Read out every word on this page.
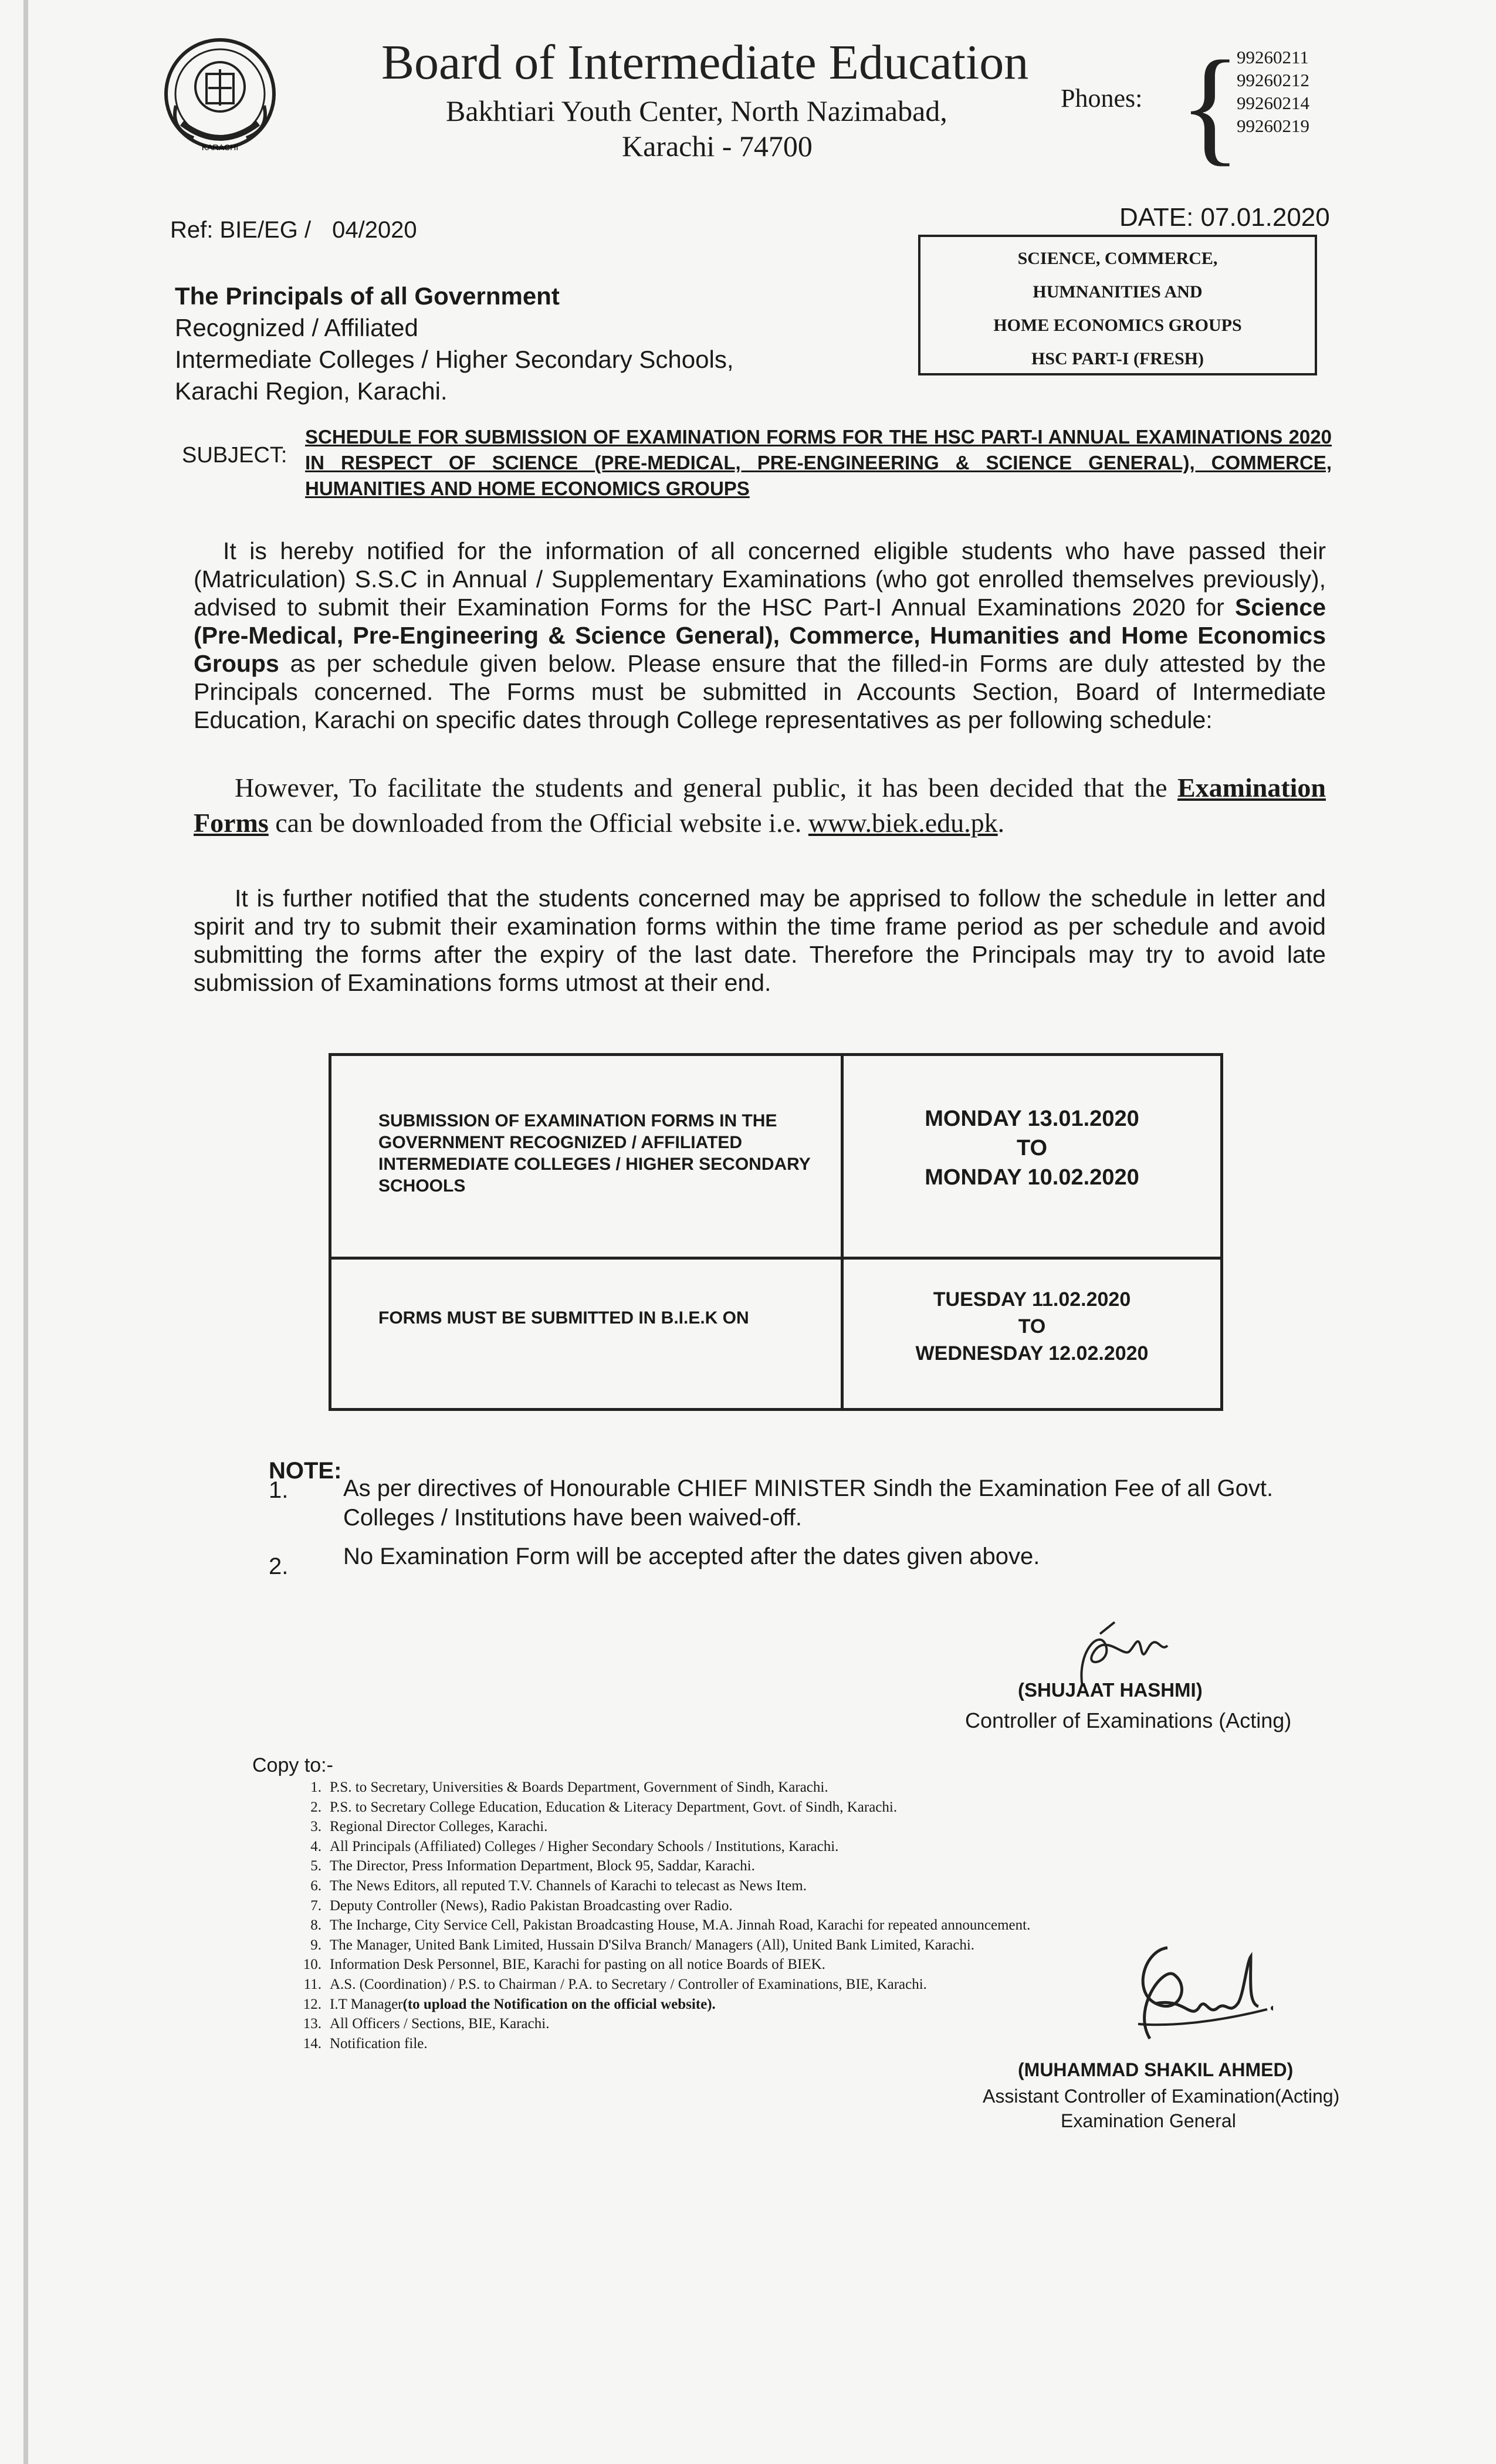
KARACHI
Board of Intermediate Education
Bakhtiari Youth Center, North Nazimabad,
Karachi - 74700
Phones: {
99260211
99260212
99260214
99260219
DATE: 07.01.2020
Ref: BIE/EG / 04/2020
SCIENCE, COMMERCE,
HUMNANITIES AND
HOME ECONOMICS GROUPS
HSC PART-I (FRESH)
The Principals of all Government
Recognized / Affiliated
Intermediate Colleges / Higher Secondary Schools,
Karachi Region, Karachi.
SUBJECT:
SCHEDULE FOR SUBMISSION OF EXAMINATION FORMS FOR THE HSC PART-I ANNUAL EXAMINATIONS 2020 IN RESPECT OF SCIENCE (PRE-MEDICAL, PRE-ENGINEERING & SCIENCE GENERAL), COMMERCE, HUMANITIES AND HOME ECONOMICS GROUPS
It is hereby notified for the information of all concerned eligible students who have passed their (Matriculation) S.S.C in Annual / Supplementary Examinations (who got enrolled themselves previously), advised to submit their Examination Forms for the HSC Part-I Annual Examinations 2020 for Science (Pre-Medical, Pre-Engineering & Science General), Commerce, Humanities and Home Economics Groups as per schedule given below. Please ensure that the filled-in Forms are duly attested by the Principals concerned. The Forms must be submitted in Accounts Section, Board of Intermediate Education, Karachi on specific dates through College representatives as per following schedule:
However, To facilitate the students and general public, it has been decided that the Examination Forms can be downloaded from the Official website i.e. www.biek.edu.pk.
It is further notified that the students concerned may be apprised to follow the schedule in letter and spirit and try to submit their examination forms within the time frame period as per schedule and avoid submitting the forms after the expiry of the last date. Therefore the Principals may try to avoid late submission of Examinations forms utmost at their end.
SUBMISSION OF EXAMINATION FORMS IN THE GOVERNMENT RECOGNIZED / AFFILIATED INTERMEDIATE COLLEGES / HIGHER SECONDARY SCHOOLS
MONDAY 13.01.2020
TO
MONDAY 10.02.2020
FORMS MUST BE SUBMITTED IN B.I.E.K ON
TUESDAY 11.02.2020
TO
WEDNESDAY 12.02.2020
NOTE:
1. As per directives of Honourable CHIEF MINISTER Sindh the Examination Fee of all Govt. Colleges / Institutions have been waived-off.
2. No Examination Form will be accepted after the dates given above.
(SHUJAAT HASHMI)
Controller of Examinations (Acting)
Copy to:-
1. P.S. to Secretary, Universities & Boards Department, Government of Sindh, Karachi.
2. P.S. to Secretary College Education, Education & Literacy Department, Govt. of Sindh, Karachi.
3. Regional Director Colleges, Karachi.
4. All Principals (Affiliated) Colleges / Higher Secondary Schools / Institutions, Karachi.
5. The Director, Press Information Department, Block 95, Saddar, Karachi.
6. The News Editors, all reputed T.V. Channels of Karachi to telecast as News Item.
7. Deputy Controller (News), Radio Pakistan Broadcasting over Radio.
8. The Incharge, City Service Cell, Pakistan Broadcasting House, M.A. Jinnah Road, Karachi for repeated announcement.
9. The Manager, United Bank Limited, Hussain D'Silva Branch/ Managers (All), United Bank Limited, Karachi.
10. Information Desk Personnel, BIE, Karachi for pasting on all notice Boards of BIEK.
11. A.S. (Coordination) / P.S. to Chairman / P.A. to Secretary / Controller of Examinations, BIE, Karachi.
12. I.T Manager (to upload the Notification on the official website).
13. All Officers / Sections, BIE, Karachi.
14. Notification file.
(MUHAMMAD SHAKIL AHMED)
Assistant Controller of Examination(Acting)
Examination General
